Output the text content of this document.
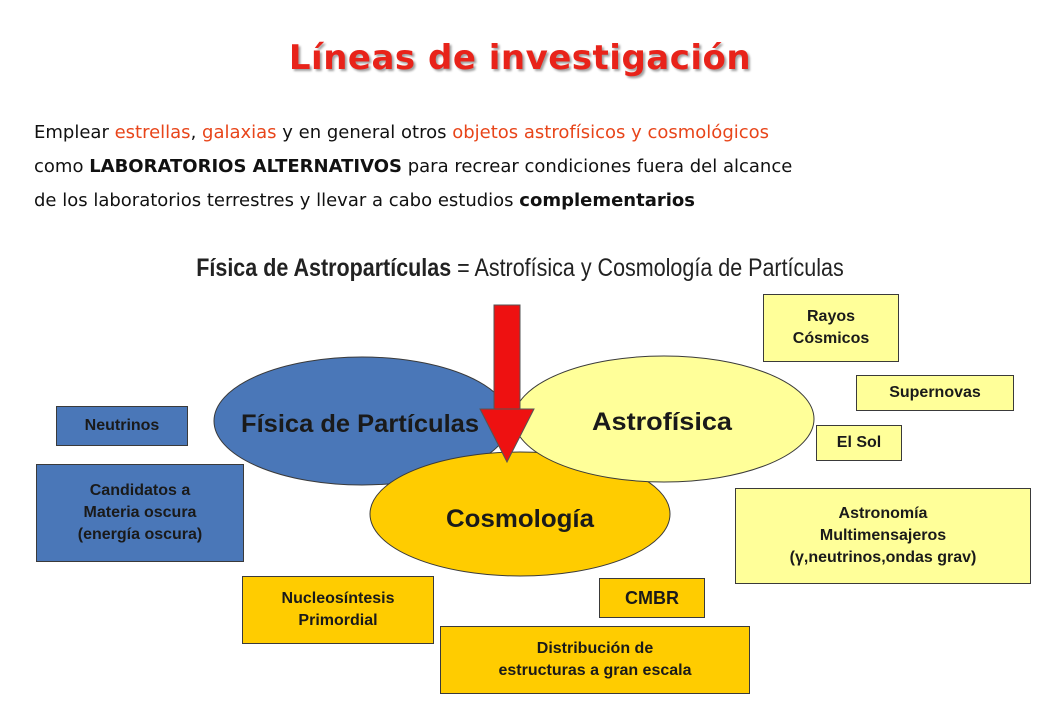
Líneas de investigación
Emplear estrellas, galaxias y en general otros objetos astrofísicos y cosmológicos
como LABORATORIOS ALTERNATIVOS para recrear condiciones fuera del alcance
de los laboratorios terrestres y llevar a cabo estudios complementarios
Física de Astropartículas = Astrofísica y Cosmología de Partículas
Física de Partículas	Astrofísica
Cosmología
Rayos
Cósmicos
Supernovas
El Sol
Astronomía
Multimensajeros
(γ,neutrinos,ondas grav)
Neutrinos
Candidatos a
Materia oscura
(energía oscura)
Nucleosíntesis
Primordial
CMBR
Distribución de
estructuras a gran escala
